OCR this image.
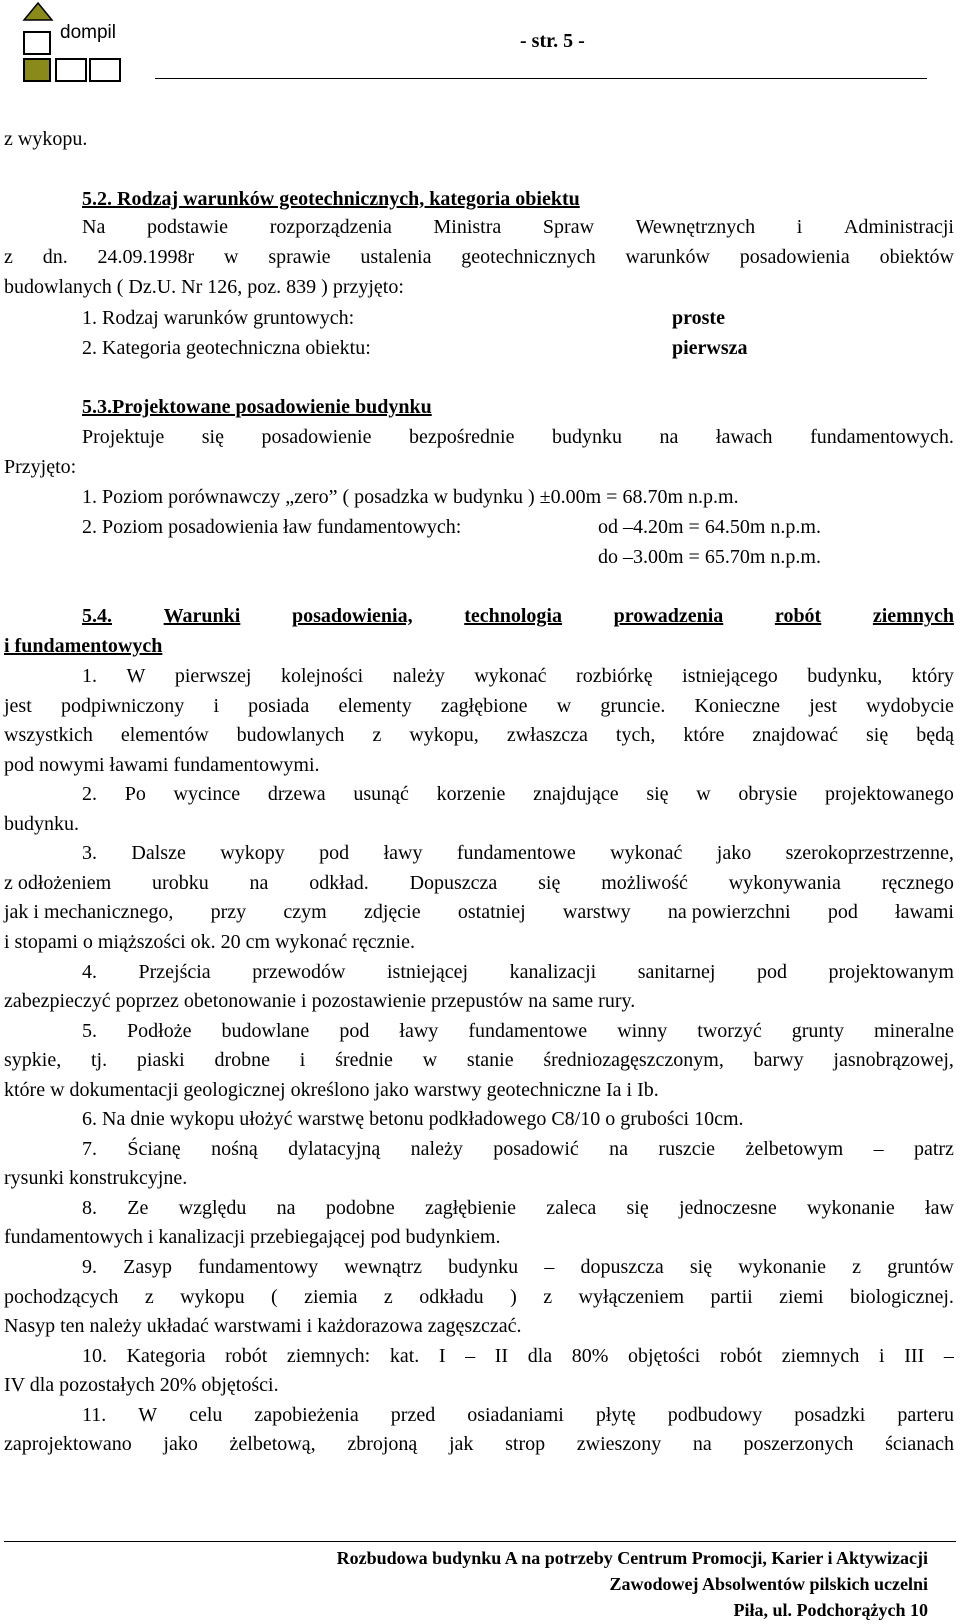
dompil	- str. 5 -
z wykopu.
5.2. Rodzaj warunków geotechnicznych, kategoria obiektu
Na podstawie rozporządzenia Ministra Spraw Wewnętrznych i Administracji
z dn. 24.09.1998r w sprawie ustalenia geotechnicznych warunków posadowienia obiektów
budowlanych ( Dz.U. Nr 126, poz. 839 ) przyjęto:
1. Rodzaj warunków gruntowych:	proste
2. Kategoria geotechniczna obiektu:	pierwsza
5.3.Projektowane posadowienie budynku
Projektuje się posadowienie bezpośrednie budynku na ławach fundamentowych.
Przyjęto:
1. Poziom porównawczy „zero” ( posadzka w budynku ) ±0.00m = 68.70m n.p.m.
2. Poziom posadowienia ław fundamentowych:	od –4.20m = 64.50m n.p.m.
do –3.00m = 65.70m n.p.m.
5.4.	Warunki	posadowienia,	technologia	prowadzenia	robót	ziemnych
i fundamentowych
1. W pierwszej kolejności należy wykonać rozbiórkę istniejącego budynku, który
jest podpiwniczony i posiada elementy zagłębione w gruncie. Konieczne jest wydobycie
wszystkich elementów budowlanych z wykopu, zwłaszcza tych, które znajdować się będą
pod nowymi ławami fundamentowymi.
2. Po wycince drzewa usunąć korzenie znajdujące się w obrysie projektowanego
budynku.
3. Dalsze wykopy pod ławy fundamentowe wykonać jako szerokoprzestrzenne,
z odłożeniem urobku na odkład. Dopuszcza się możliwość wykonywania ręcznego
jak i mechanicznego, przy czym zdjęcie ostatniej warstwy na powierzchni pod ławami
i stopami o miąższości ok. 20 cm wykonać ręcznie.
4. Przejścia przewodów istniejącej kanalizacji sanitarnej pod projektowanym
zabezpieczyć poprzez obetonowanie i pozostawienie przepustów na same rury.
5. Podłoże budowlane pod ławy fundamentowe winny tworzyć grunty mineralne
sypkie, tj. piaski drobne i średnie w stanie średniozagęszczonym, barwy jasnobrązowej,
które w dokumentacji geologicznej określono jako warstwy geotechniczne Ia i Ib.
6. Na dnie wykopu ułożyć warstwę betonu podkładowego C8/10 o grubości 10cm.
7. Ścianę nośną dylatacyjną należy posadowić na ruszcie żelbetowym – patrz
rysunki konstrukcyjne.
8. Ze względu na podobne zagłębienie zaleca się jednoczesne wykonanie ław
fundamentowych i kanalizacji przebiegającej pod budynkiem.
9. Zasyp fundamentowy wewnątrz budynku – dopuszcza się wykonanie z gruntów
pochodzących z wykopu ( ziemia z odkładu ) z wyłączeniem partii ziemi biologicznej.
Nasyp ten należy układać warstwami i każdorazowa zagęszczać.
10. Kategoria robót ziemnych: kat. I – II dla 80% objętości robót ziemnych i III –
IV dla pozostałych 20% objętości.
11. W celu zapobieżenia przed osiadaniami płytę podbudowy posadzki parteru
zaprojektowano jako żelbetową, zbrojoną jak strop zwieszony na poszerzonych ścianach
Rozbudowa budynku A na potrzeby Centrum Promocji, Karier i Aktywizacji
Zawodowej Absolwentów pilskich uczelni
Piła, ul. Podchorążych 10
